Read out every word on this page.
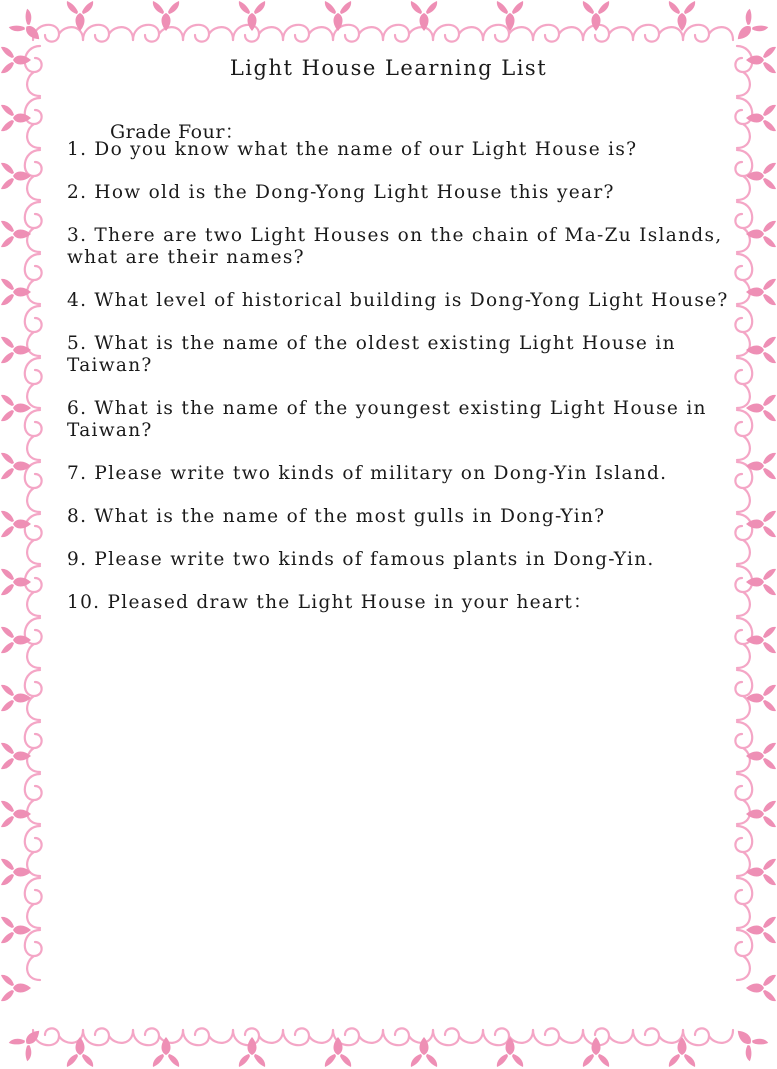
Light House Learning List
Grade Four：
1. Do you know what the name of our Light House is?
2. How old is the Dong-Yong Light House this year?
3. There are two Light Houses on the chain of Ma-Zu Islands, what are their names?
4. What level of historical building is Dong-Yong Light House?
5. What is the name of the oldest existing Light House in Taiwan?
6. What is the name of the youngest existing Light House in Taiwan?
7. Please write two kinds of military on Dong-Yin Island.
8. What is the name of the most gulls in Dong-Yin?
9. Please write two kinds of famous plants in Dong-Yin.
10. Pleased draw the Light House in your heart：
